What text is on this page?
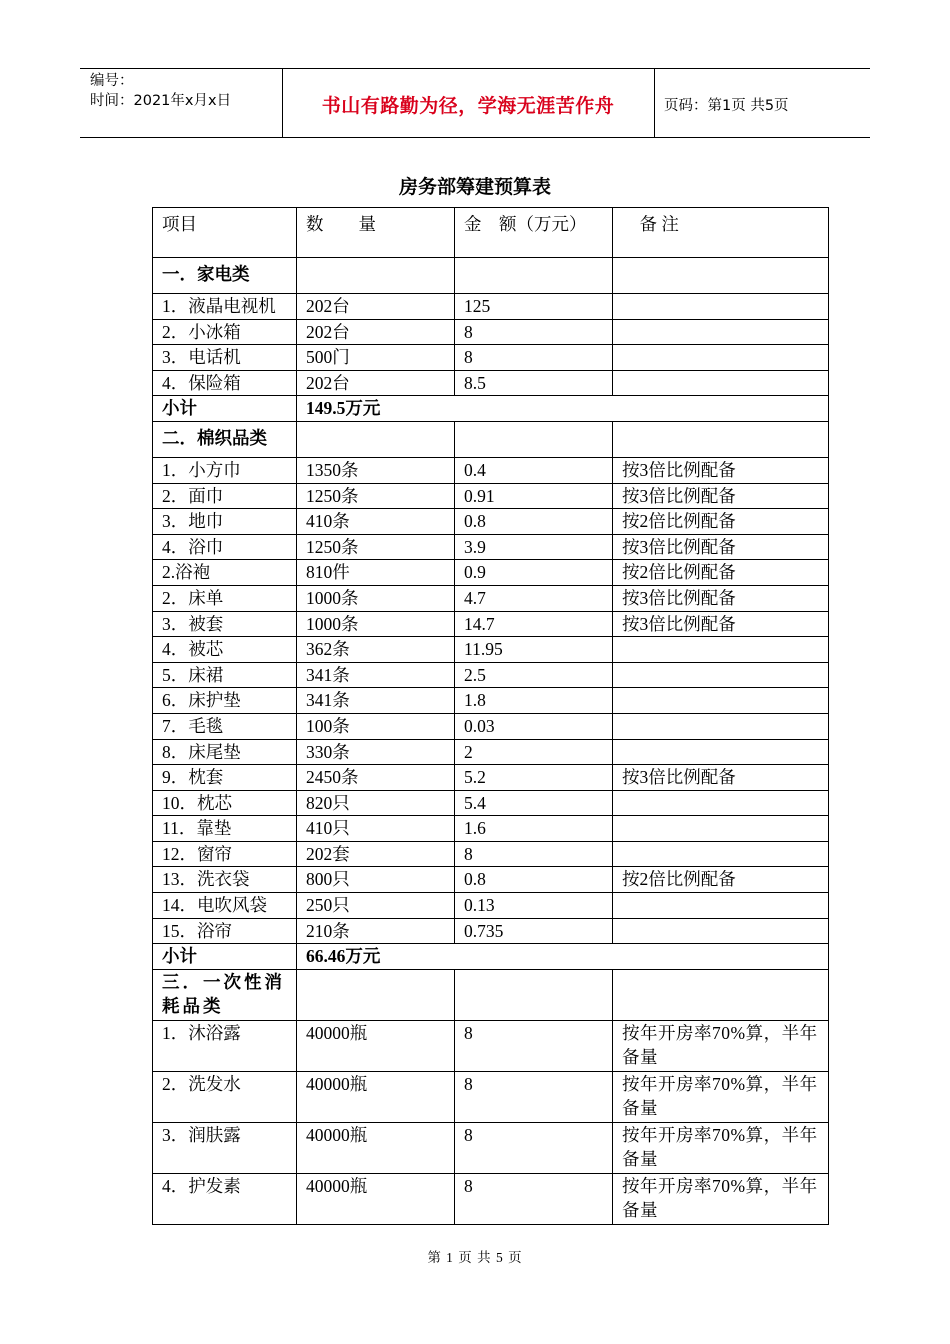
编号：
时间：2021年x月x日	书山有路勤为径，学海无涯苦作舟	页码：第1页 共5页
房务部筹建预算表
项目	数　　量	金　额（万元）	　备 注
一．家电类			
1．液晶电视机	202台	125	
2．小冰箱	202台	8	
3．电话机	500门	8	
4．保险箱	202台	8.5	
小计	149.5万元		
二．棉织品类			
1．小方巾	1350条	0.4	按3倍比例配备
2．面巾	1250条	0.91	按3倍比例配备
3．地巾	410条	0.8	按2倍比例配备
4．浴巾	1250条	3.9	按3倍比例配备
2.浴袍	810件	0.9	按2倍比例配备
2．床单	1000条	4.7	按3倍比例配备
3．被套	1000条	14.7	按3倍比例配备
4．被芯	362条	11.95	
5．床裙	341条	2.5	
6．床护垫	341条	1.8	
7．毛毯	100条	0.03	
8．床尾垫	330条	2	
9．枕套	2450条	5.2	按3倍比例配备
10．枕芯	820只	5.4	
11．靠垫	410只	1.6	
12．窗帘	202套	8	
13．洗衣袋	800只	0.8	按2倍比例配备
14．电吹风袋	250只	0.13	
15．浴帘	210条	0.735	
小计	66.46万元		
三．一次性消耗品类			
1．沐浴露	40000瓶	8	按年开房率70%算，半年备量
2．洗发水	40000瓶	8	按年开房率70%算，半年备量
3．润肤露	40000瓶	8	按年开房率70%算，半年备量
4．护发素	40000瓶	8	按年开房率70%算，半年备量
第 1 页 共 5 页
